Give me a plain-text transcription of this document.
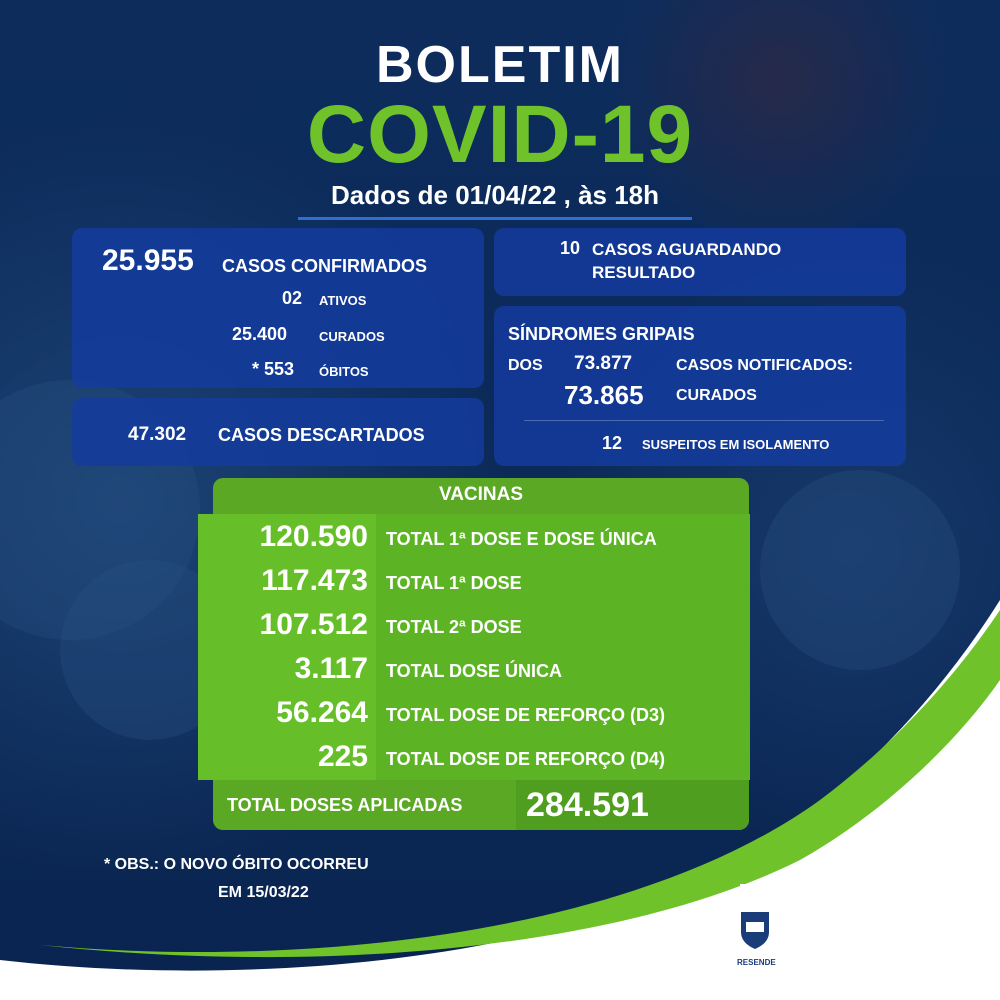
BOLETIM
COVID-19
Dados de 01/04/22 , às 18h
25.955 CASOS CONFIRMADOS
02 ATIVOS
25.400 CURADOS
* 553 ÓBITOS
47.302 CASOS DESCARTADOS
10 CASOS AGUARDANDO
RESULTADO
SÍNDROMES GRIPAIS
DOS 73.877	CASOS NOTIFICADOS:
73.865 CURADOS
12 SUSPEITOS EM ISOLAMENTO
VACINAS
120.590 TOTAL 1ª DOSE E DOSE ÚNICA
117.473 TOTAL 1ª DOSE
107.512 TOTAL 2ª DOSE
3.117 TOTAL DOSE ÚNICA
56.264 TOTAL DOSE DE REFORÇO (D3)
225 TOTAL DOSE DE REFORÇO (D4)
TOTAL DOSES APLICADAS 284.591
* OBS.: O NOVO ÓBITO OCORREU
EM 15/03/22
RESENDE
PREFEITURA
RESENDE
